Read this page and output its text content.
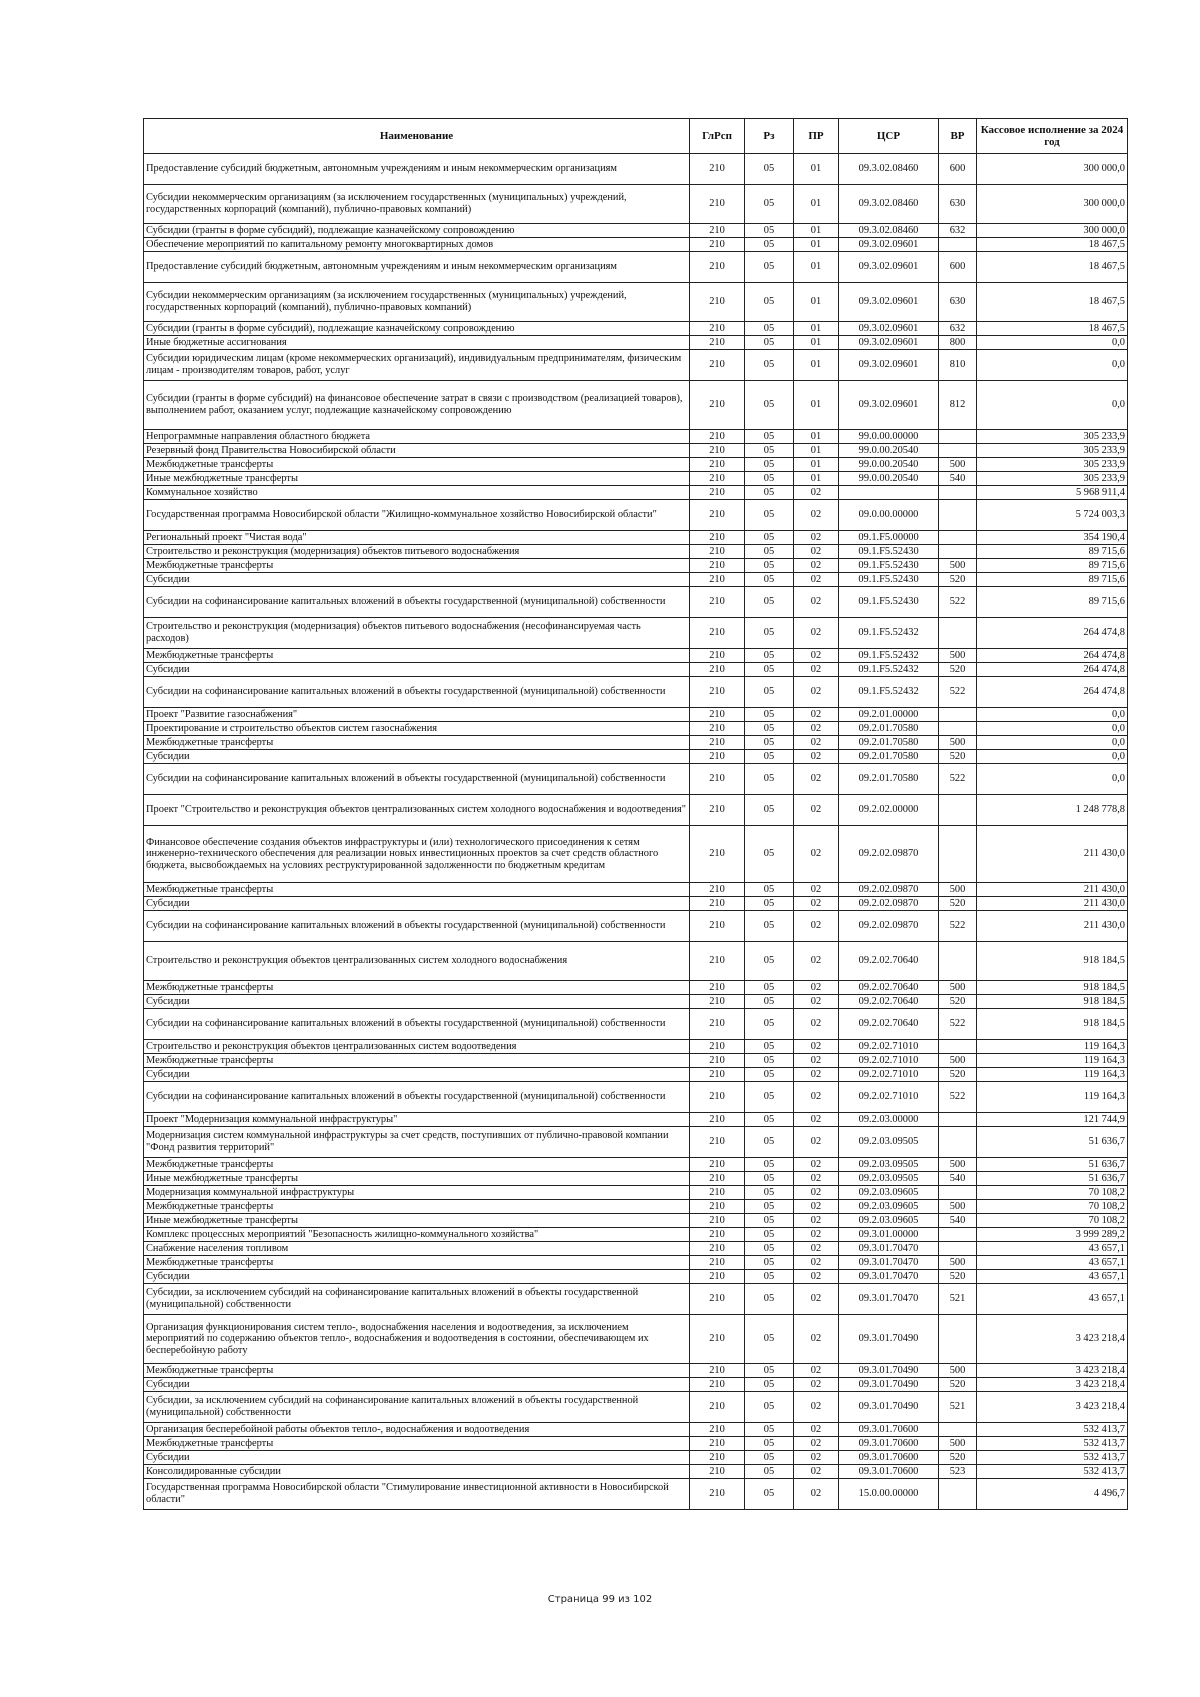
Наименование	ГлРсп	Рз	ПР	ЦСР	ВР	Кассовое исполнение за 2024 год
Предоставление субсидий бюджетным, автономным учреждениям и иным некоммерческим организациям	210	05	01	09.3.02.08460	600	300 000,0
Субсидии некоммерческим организациям (за исключением государственных (муниципальных) учреждений, государственных корпораций (компаний), публично-правовых компаний)	210	05	01	09.3.02.08460	630	300 000,0
Субсидии (гранты в форме субсидий), подлежащие казначейскому сопровождению	210	05	01	09.3.02.08460	632	300 000,0
Обеспечение мероприятий по капитальному ремонту многоквартирных домов	210	05	01	09.3.02.09601		18 467,5
Предоставление субсидий бюджетным, автономным учреждениям и иным некоммерческим организациям	210	05	01	09.3.02.09601	600	18 467,5
Субсидии некоммерческим организациям (за исключением государственных (муниципальных) учреждений, государственных корпораций (компаний), публично-правовых компаний)	210	05	01	09.3.02.09601	630	18 467,5
Субсидии (гранты в форме субсидий), подлежащие казначейскому сопровождению	210	05	01	09.3.02.09601	632	18 467,5
Иные бюджетные ассигнования	210	05	01	09.3.02.09601	800	0,0
Субсидии юридическим лицам (кроме некоммерческих организаций), индивидуальным предпринимателям, физическим лицам - производителям товаров, работ, услуг	210	05	01	09.3.02.09601	810	0,0
Субсидии (гранты в форме субсидий) на финансовое обеспечение затрат в связи с производством (реализацией товаров), выполнением работ, оказанием услуг, подлежащие казначейскому сопровождению	210	05	01	09.3.02.09601	812	0,0
Непрограммные направления областного бюджета	210	05	01	99.0.00.00000		305 233,9
Резервный фонд Правительства Новосибирской области	210	05	01	99.0.00.20540		305 233,9
Межбюджетные трансферты	210	05	01	99.0.00.20540	500	305 233,9
Иные межбюджетные трансферты	210	05	01	99.0.00.20540	540	305 233,9
Коммунальное хозяйство	210	05	02			5 968 911,4
Государственная программа Новосибирской области "Жилищно-коммунальное хозяйство Новосибирской области"	210	05	02	09.0.00.00000		5 724 003,3
Региональный проект "Чистая вода"	210	05	02	09.1.F5.00000		354 190,4
Строительство и реконструкция (модернизация) объектов питьевого водоснабжения	210	05	02	09.1.F5.52430		89 715,6
Межбюджетные трансферты	210	05	02	09.1.F5.52430	500	89 715,6
Субсидии	210	05	02	09.1.F5.52430	520	89 715,6
Субсидии на софинансирование капитальных вложений в объекты государственной (муниципальной) собственности	210	05	02	09.1.F5.52430	522	89 715,6
Строительство и реконструкция (модернизация) объектов питьевого водоснабжения (несофинансируемая часть расходов)	210	05	02	09.1.F5.52432		264 474,8
Межбюджетные трансферты	210	05	02	09.1.F5.52432	500	264 474,8
Субсидии	210	05	02	09.1.F5.52432	520	264 474,8
Субсидии на софинансирование капитальных вложений в объекты государственной (муниципальной) собственности	210	05	02	09.1.F5.52432	522	264 474,8
Проект "Развитие газоснабжения"	210	05	02	09.2.01.00000		0,0
Проектирование и строительство объектов систем газоснабжения	210	05	02	09.2.01.70580		0,0
Межбюджетные трансферты	210	05	02	09.2.01.70580	500	0,0
Субсидии	210	05	02	09.2.01.70580	520	0,0
Субсидии на софинансирование капитальных вложений в объекты государственной (муниципальной) собственности	210	05	02	09.2.01.70580	522	0,0
Проект "Строительство и реконструкция объектов централизованных систем холодного водоснабжения и водоотведения"	210	05	02	09.2.02.00000		1 248 778,8
Финансовое обеспечение создания объектов инфраструктуры и (или) технологического присоединения к сетям инженерно-технического обеспечения для реализации новых инвестиционных проектов за счет средств областного бюджета, высвобождаемых на условиях реструктурированной задолженности по бюджетным кредитам	210	05	02	09.2.02.09870		211 430,0
Межбюджетные трансферты	210	05	02	09.2.02.09870	500	211 430,0
Субсидии	210	05	02	09.2.02.09870	520	211 430,0
Субсидии на софинансирование капитальных вложений в объекты государственной (муниципальной) собственности	210	05	02	09.2.02.09870	522	211 430,0
Строительство и реконструкция объектов централизованных систем холодного водоснабжения	210	05	02	09.2.02.70640		918 184,5
Межбюджетные трансферты	210	05	02	09.2.02.70640	500	918 184,5
Субсидии	210	05	02	09.2.02.70640	520	918 184,5
Субсидии на софинансирование капитальных вложений в объекты государственной (муниципальной) собственности	210	05	02	09.2.02.70640	522	918 184,5
Строительство и реконструкция объектов централизованных систем водоотведения	210	05	02	09.2.02.71010		119 164,3
Межбюджетные трансферты	210	05	02	09.2.02.71010	500	119 164,3
Субсидии	210	05	02	09.2.02.71010	520	119 164,3
Субсидии на софинансирование капитальных вложений в объекты государственной (муниципальной) собственности	210	05	02	09.2.02.71010	522	119 164,3
Проект "Модернизация коммунальной инфраструктуры"	210	05	02	09.2.03.00000		121 744,9
Модернизация систем коммунальной инфраструктуры за счет средств, поступивших от публично-правовой компании "Фонд развития территорий"	210	05	02	09.2.03.09505		51 636,7
Межбюджетные трансферты	210	05	02	09.2.03.09505	500	51 636,7
Иные межбюджетные трансферты	210	05	02	09.2.03.09505	540	51 636,7
Модернизация коммунальной инфраструктуры	210	05	02	09.2.03.09605		70 108,2
Межбюджетные трансферты	210	05	02	09.2.03.09605	500	70 108,2
Иные межбюджетные трансферты	210	05	02	09.2.03.09605	540	70 108,2
Комплекс процессных мероприятий "Безопасность жилищно-коммунального хозяйства"	210	05	02	09.3.01.00000		3 999 289,2
Снабжение населения топливом	210	05	02	09.3.01.70470		43 657,1
Межбюджетные трансферты	210	05	02	09.3.01.70470	500	43 657,1
Субсидии	210	05	02	09.3.01.70470	520	43 657,1
Субсидии, за исключением субсидий на софинансирование капитальных вложений в объекты государственной (муниципальной) собственности	210	05	02	09.3.01.70470	521	43 657,1
Организация функционирования систем тепло-, водоснабжения населения и водоотведения, за исключением мероприятий по содержанию объектов тепло-, водоснабжения и водоотведения в состоянии, обеспечивающем их бесперебойную работу	210	05	02	09.3.01.70490		3 423 218,4
Межбюджетные трансферты	210	05	02	09.3.01.70490	500	3 423 218,4
Субсидии	210	05	02	09.3.01.70490	520	3 423 218,4
Субсидии, за исключением субсидий на софинансирование капитальных вложений в объекты государственной (муниципальной) собственности	210	05	02	09.3.01.70490	521	3 423 218,4
Организация бесперебойной работы объектов тепло-, водоснабжения и водоотведения	210	05	02	09.3.01.70600		532 413,7
Межбюджетные трансферты	210	05	02	09.3.01.70600	500	532 413,7
Субсидии	210	05	02	09.3.01.70600	520	532 413,7
Консолидированные субсидии	210	05	02	09.3.01.70600	523	532 413,7
Государственная программа Новосибирской области "Стимулирование инвестиционной активности в Новосибирской области"	210	05	02	15.0.00.00000		4 496,7
Страница 99 из 102
